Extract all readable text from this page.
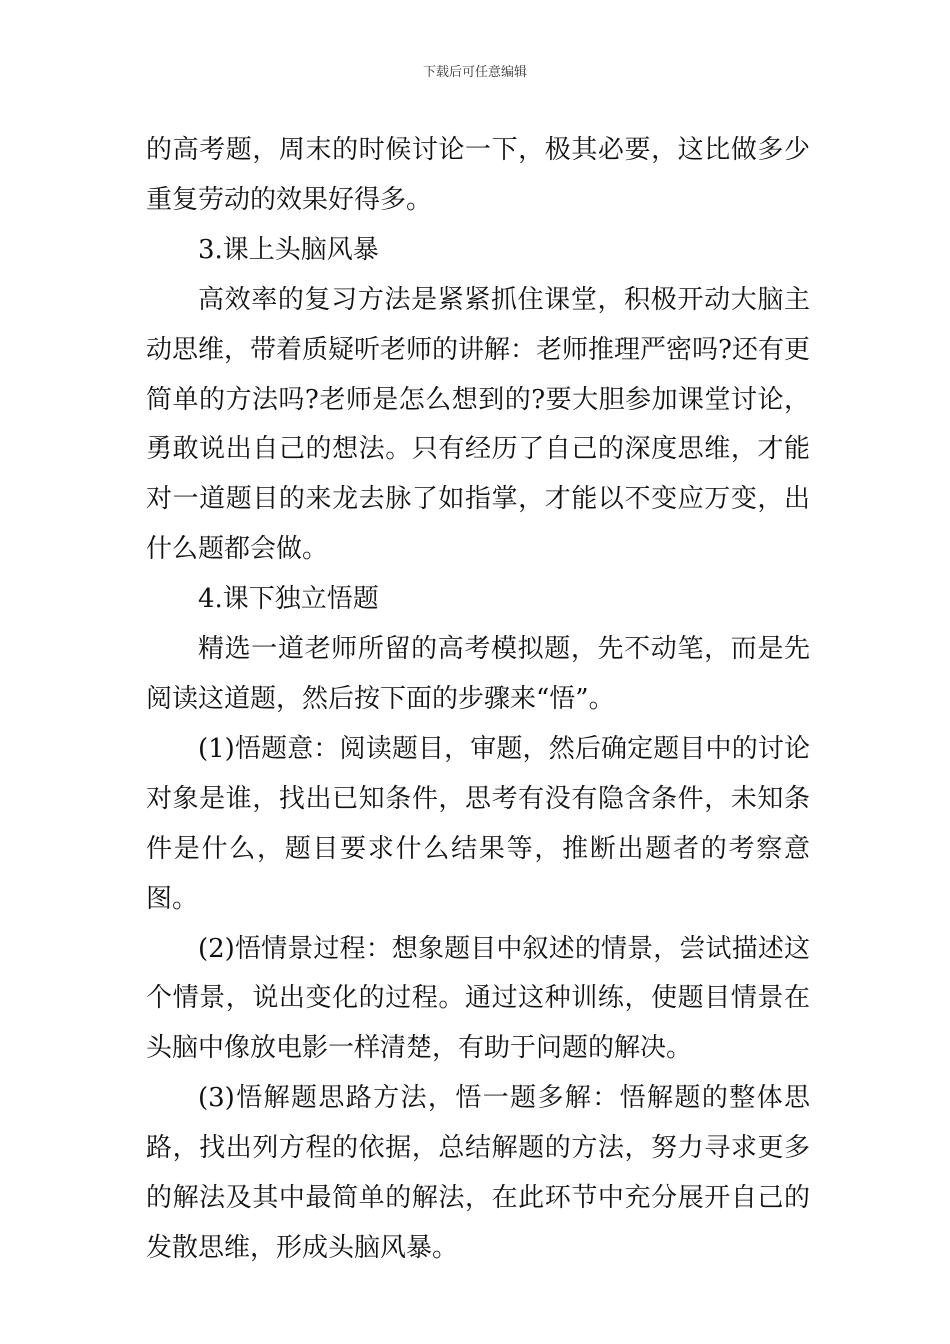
下载后可任意编辑

的高考题，周末的时候讨论一下，极其必要，这比做多少重复劳动的效果好得多。

3.课上头脑风暴

高效率的复习方法是紧紧抓住课堂，积极开动大脑主动思维，带着质疑听老师的讲解：老师推理严密吗?还有更简单的方法吗?老师是怎么想到的?要大胆参加课堂讨论，勇敢说出自己的想法。只有经历了自己的深度思维，才能对一道题目的来龙去脉了如指掌，才能以不变应万变，出什么题都会做。

4.课下独立悟题

精选一道老师所留的高考模拟题，先不动笔，而是先阅读这道题，然后按下面的步骤来“悟”。

(1)悟题意：阅读题目，审题，然后确定题目中的讨论对象是谁，找出已知条件，思考有没有隐含条件，未知条件是什么，题目要求什么结果等，推断出题者的考察意图。

(2)悟情景过程：想象题目中叙述的情景，尝试描述这个情景，说出变化的过程。通过这种训练，使题目情景在头脑中像放电影一样清楚，有助于问题的解决。

(3)悟解题思路方法，悟一题多解：悟解题的整体思路，找出列方程的依据，总结解题的方法，努力寻求更多的解法及其中最简单的解法，在此环节中充分展开自己的发散思维，形成头脑风暴。
